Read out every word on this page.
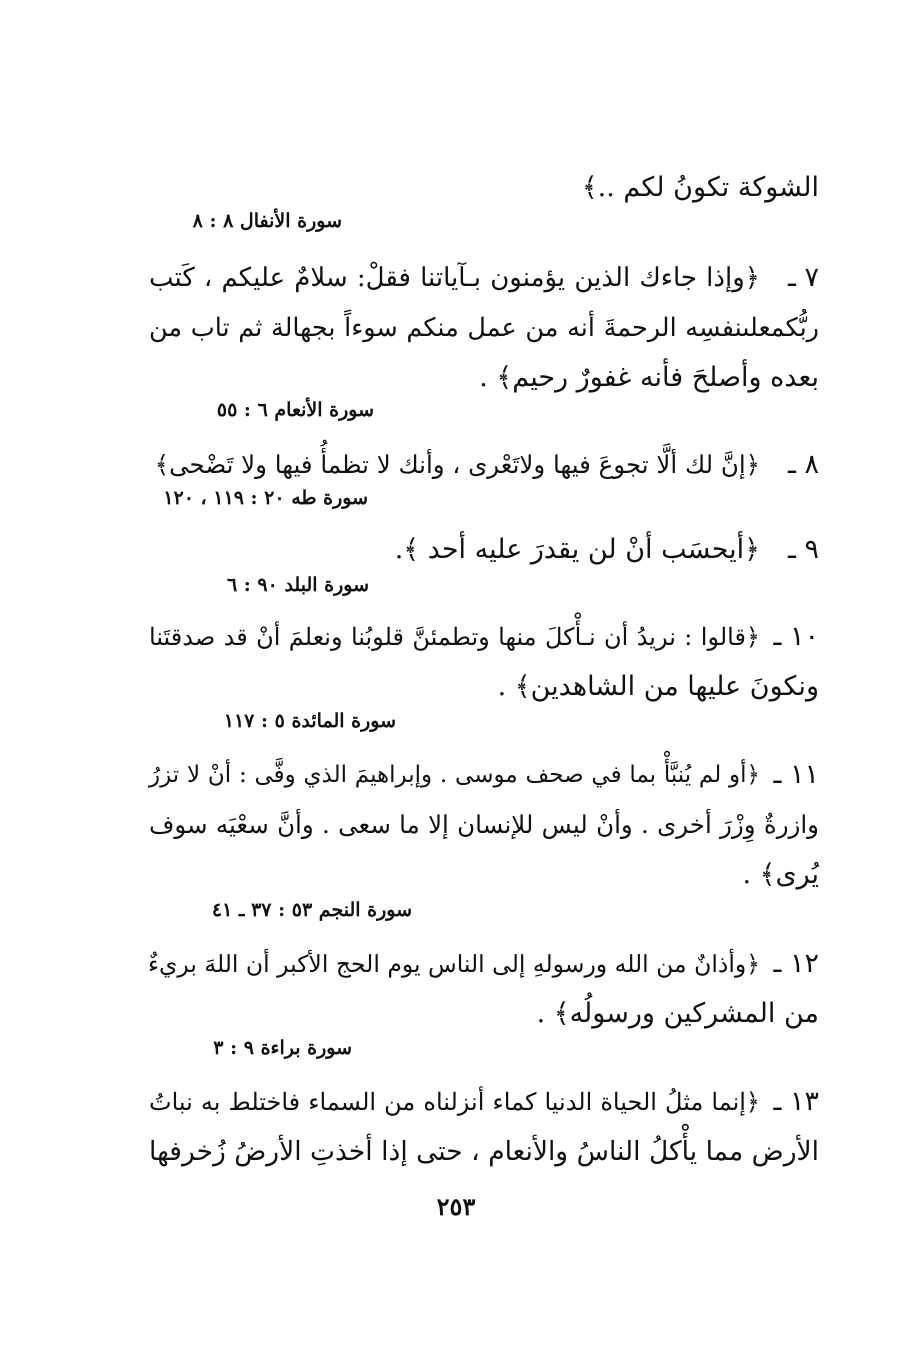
الشوكة تكونُ لكم ..﴾
سورة الأنفال ٨ : ٨
٧ ـ
﴿وإذا جاءك الذين يؤمنون بـآياتنا فقلْ: سلامٌ عليكم ، كَتب
ربُّكمعلىنفسِه الرحمةَ أنه من عمل منكم سوءاً بجهالة ثم تاب من
بعده وأصلحَ فأنه غفورٌ رحيم﴾ .
سورة الأنعام ٦ : ٥٥
٨ ـ
﴿إنَّ لك ألَّا تجوعَ فيها ولاتَعْرى ، وأنك لا تظمأُ فيها ولا تَضْحى﴾
سورة طه ٢٠ : ١١٩ ، ١٢٠
٩ ـ
﴿أيحسَب أنْ لن يقدرَ عليه أحد ﴾.
سورة البلد ٩٠ : ٦
١٠ ـ
﴿قالوا : نريدُ أن نـأْكلَ منها وتطمئنَّ قلوبُنا ونعلمَ أنْ قد صدقتَنا
ونكونَ عليها من الشاهدين﴾ .
سورة المائدة ٥ : ١١٧
١١ ـ
﴿أو لم يُنبَّأْ بما في صحف موسى . وإبراهيمَ الذي وفَّى : أنْ لا تزرُ
وازرةٌ وِزْرَ أخرى . وأنْ ليس للإنسان إلا ما سعى . وأنَّ سعْيَه سوف
يُرى﴾ .
سورة النجم ٥٣ : ٣٧ ـ ٤١
١٢ ـ
﴿وأذانٌ من الله ورسولهِ إلى الناس يوم الحج الأكبر أن اللهَ بريءٌ
من المشركين ورسولُه﴾ .
سورة براءة ٩ : ٣
١٣ ـ
﴿إنما مثلُ الحياة الدنيا كماء أنزلناه من السماء فاختلط به نباتُ
الأرض مما يأْكلُ الناسُ والأنعام ، حتى إذا أخذتِ الأرضُ زُخرفها
٢٥٣
